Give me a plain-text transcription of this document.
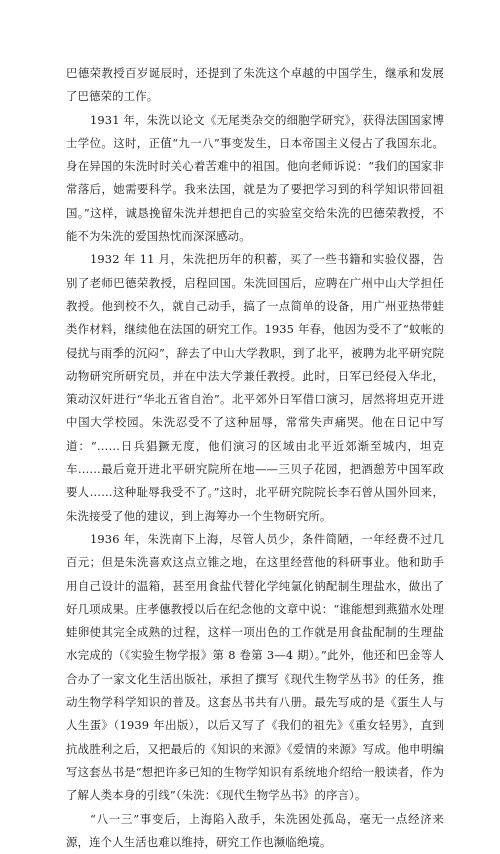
巴德荣教授百岁诞辰时，还提到了朱洗这个卓越的中国学生，继承和发展了巴德荣的工作。

1931 年，朱洗以论文《无尾类杂交的细胞学研究》，获得法国国家博士学位。这时，正值“九一八”事变发生，日本帝国主义侵占了我国东北。身在异国的朱洗时时关心着苦难中的祖国。他向老师诉说：“我们的国家非常落后，她需要科学。我来法国，就是为了要把学习到的科学知识带回祖国。”这样，诚恳挽留朱洗并想把自己的实验室交给朱洗的巴德荣教授，不能不为朱洗的爱国热忱而深深感动。

1932 年 11 月，朱洗把历年的积蓄，买了一些书籍和实验仪器，告别了老师巴德荣教授，启程回国。朱洗回国后，应聘在广州中山大学担任教授。他到校不久，就自己动手，搞了一点简单的设备，用广州亚热带蛙类作材料，继续他在法国的研究工作。1935 年春，他因为受不了“蚊帐的侵扰与雨季的沉闷”，辞去了中山大学教职，到了北平，被聘为北平研究院动物研究所研究员，并在中法大学兼任教授。此时，日军已经侵入华北，策动汉奸进行“华北五省自治”。北平郊外日军借口演习，居然将坦克开进中国大学校园。朱洗忍受不了这种屈辱，常常失声痛哭。他在日记中写道：“……日兵猖獗无度，他们演习的区域由北平近郊渐至城内，坦克车……最后竟开进北平研究院所在地——三贝子花园，把酒憩芳中国军政要人……这种耻辱我受不了。”这时，北平研究院院长李石曾从国外回来，朱洗接受了他的建议，到上海筹办一个生物研究所。

1936 年，朱洗南下上海，尽管人员少，条件简陋，一年经费不过几百元；但是朱洗喜欢这点立锥之地，在这里经营他的科研事业。他和助手用自己设计的温箱，甚至用食盐代替化学纯氯化钠配制生理盐水，做出了好几项成果。庄孝僡教授以后在纪念他的文章中说：“谁能想到燕猫水处理蛙卵使其完全成熟的过程，这样一项出色的工作就是用食盐配制的生理盐水完成的（《实验生物学报》第 8 卷第 3—4 期）。”此外，他还和巴金等人合办了一家文化生活出版社，承担了撰写《现代生物学丛书》的任务，推动生物学科学知识的普及。这套丛书共有八册。最先写成的是《蛋生人与人生蛋》（1939 年出版），以后又写了《我们的祖先》《重女轻男》，直到抗战胜利之后，又把最后的《知识的来源》《爱情的来源》写成。他申明编写这套丛书是“想把许多已知的生物学知识有系统地介绍给一般读者，作为了解人类本身的引线”（朱洗：《现代生物学丛书》的序言）。

“八一三”事变后，上海陷入敌手，朱洗困处孤岛，毫无一点经济来源，连个人生活也难以维持，研究工作也濒临绝境。
